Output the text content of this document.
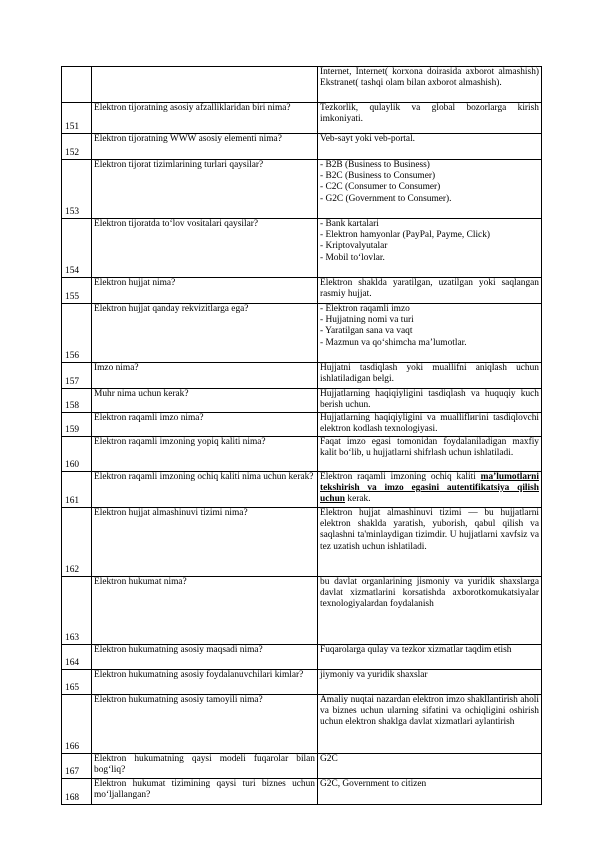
		Internet, Internet( korxona doirasida axborot almashish) Ekstranet( tashqi olam bilan axborot almashish).
151	Elektron tijoratning asosiy afzalliklaridan biri nima?	Tezkorlik, qulaylik va global bozorlarga kirish imkoniyati.
152	Elektron tijoratning WWW asosiy elementi nima?	Veb-sayt yoki veb-portal.
153	Elektron tijorat tizimlarining turlari qaysilar?	- B2B (Business to Business)
- B2C (Business to Consumer)
- C2C (Consumer to Consumer)
- G2C (Government to Consumer).

154	Elektron tijoratda to‘lov vositalari qaysilar?	- Bank kartalari
- Elektron hamyonlar (PayPal, Payme, Click)
- Kriptovalyutalar
- Mobil to‘lovlar.

155	Elektron hujjat nima?	Elektron shaklda yaratilgan, uzatilgan yoki saqlangan rasmiy hujjat.
156	Elektron hujjat qanday rekvizitlarga ega?	- Elektron raqamli imzo
- Hujjatning nomi va turi
- Yaratilgan sana va vaqt
- Mazmun va qo‘shimcha ma’lumotlar.

157	Imzo nima?	Hujjatni tasdiqlash yoki muallifni aniqlash uchun ishlatiladigan belgi.
158	Muhr nima uchun kerak?	Hujjatlarning haqiqiyligini tasdiqlash va huquqiy kuch berish uchun.
159	Elektron raqamli imzo nima?	Hujjatlarning haqiqiyligini va mualliflигini tasdiqlovchi elektron kodlash texnologiyasi.
160	Elektron raqamli imzoning yopiq kaliti nima?	Faqat imzo egasi tomonidan foydalaniladigan maxfiy kalit bo‘lib, u hujjatlarni shifrlash uchun ishlatiladi.
161	Elektron raqamli imzoning ochiq kaliti nima uchun kerak?	Elektron raqamli imzoning ochiq kaliti ma’lumotlarni tekshirish va imzo egasini autentifikatsiya qilish uchun kerak.
162	Elektron hujjat almashinuvi tizimi nima?	Elektron hujjat almashinuvi tizimi — bu hujjatlarni elektron shaklda yaratish, yuborish, qabul qilish va saqlashni ta'minlaydigan tizimdir. U hujjatlarni xavfsiz va tez uzatish uchun ishlatiladi.
163	Elektron hukumat nima?	bu davlat organlarining jismoniy va yuridik shaxslarga davlat xizmatlarini korsatishda axborotkomukatsiyalar texnologiyalardan foydalanish
164	Elektron hukumatning asosiy maqsadi nima?	Fuqarolarga qulay va tezkor xizmatlar taqdim etish
165	Elektron hukumatning asosiy foydalanuvchilari kimlar?	jiymoniy va yuridik shaxslar
166	Elektron hukumatning asosiy tamoyili nima?	Amaliy nuqtai nazardan elektron imzo shakllantirish aholi va biznes uchun ularning sifatini va ochiqligini oshirish uchun elektron shaklga davlat xizmatlari aylantirish
167	Elektron hukumatning qaysi modeli fuqarolar bilan bog‘liq?	G2C
168	Elektron hukumat tizimining qaysi turi biznes uchun mo‘ljallangan?	G2C, Government to citizen
